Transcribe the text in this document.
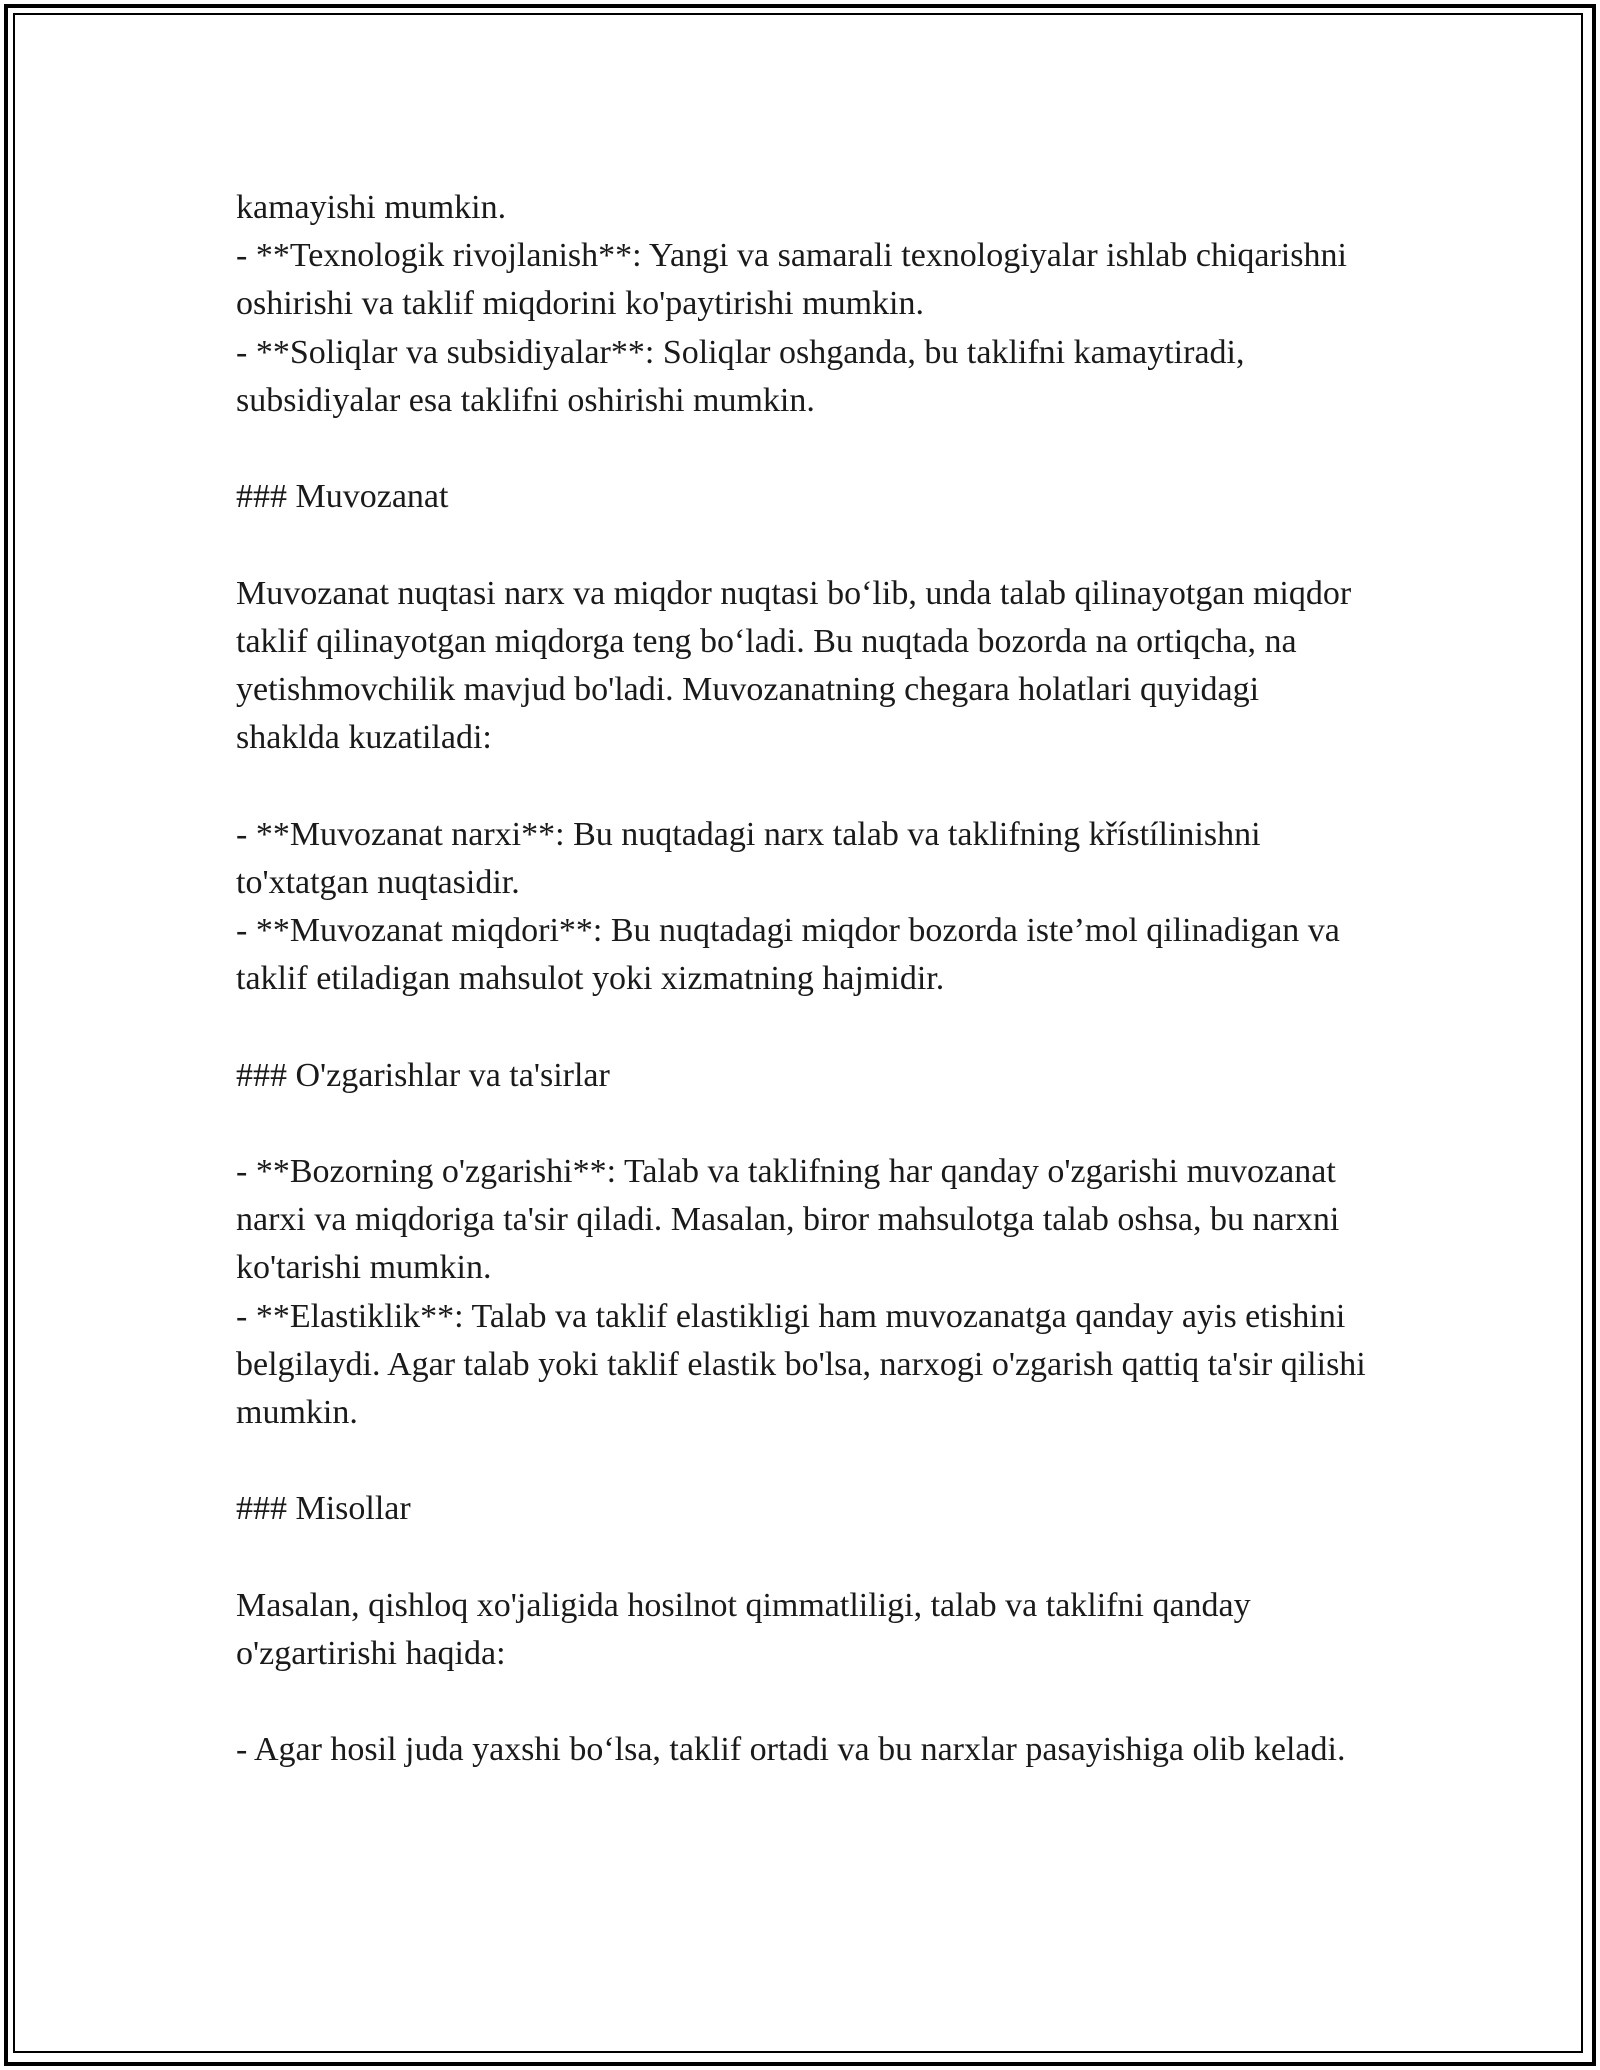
kamayishi mumkin.
- **Texnologik rivojlanish**: Yangi va samarali texnologiyalar ishlab chiqarishni oshirishi va taklif miqdorini ko'paytirishi mumkin.
- **Soliqlar va subsidiyalar**: Soliqlar oshganda, bu taklifni kamaytiradi, subsidiyalar esa taklifni oshirishi mumkin.

### Muvozanat

Muvozanat nuqtasi narx va miqdor nuqtasi bo‘lib, unda talab qilinayotgan miqdor taklif qilinayotgan miqdorga teng bo‘ladi. Bu nuqtada bozorda na ortiqcha, na yetishmovchilik mavjud bo'ladi. Muvozanatning chegara holatlari quyidagi shaklda kuzatiladi:

- **Muvozanat narxi**: Bu nuqtadagi narx talab va taklifning křístílinishni to'xtatgan nuqtasidir.
- **Muvozanat miqdori**: Bu nuqtadagi miqdor bozorda iste’mol qilinadigan va taklif etiladigan mahsulot yoki xizmatning hajmidir.

### O'zgarishlar va ta'sirlar

- **Bozorning o'zgarishi**: Talab va taklifning har qanday o'zgarishi muvozanat narxi va miqdoriga ta'sir qiladi. Masalan, biror mahsulotga talab oshsa, bu narxni ko'tarishi mumkin.
- **Elastiklik**: Talab va taklif elastikligi ham muvozanatga qanday ayis etishini belgilaydi. Agar talab yoki taklif elastik bo'lsa, narxogi o'zgarish qattiq ta'sir qilishi mumkin.

### Misollar

Masalan, qishloq xo'jaligida hosilnot qimmatliligi, talab va taklifni qanday o'zgartirishi haqida:

- Agar hosil juda yaxshi bo‘lsa, taklif ortadi va bu narxlar pasayishiga olib keladi.
